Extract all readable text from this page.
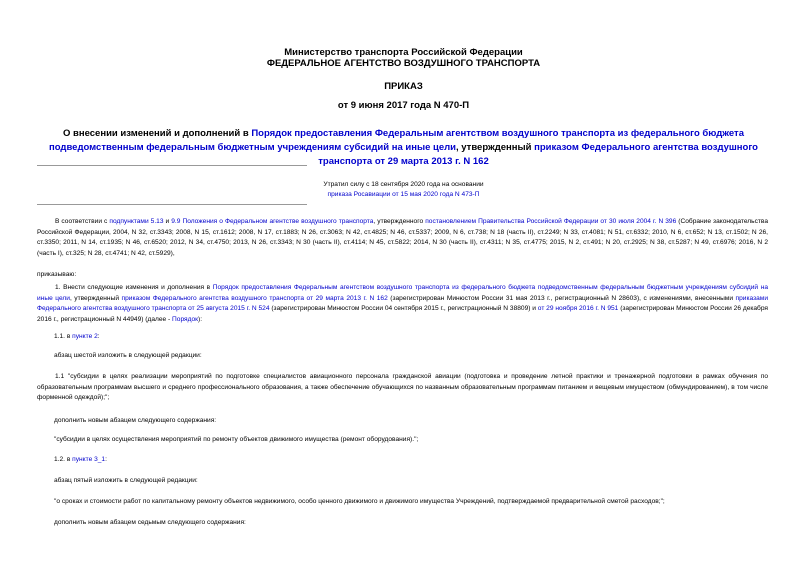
Министерство транспорта Российской Федерации
ФЕДЕРАЛЬНОЕ АГЕНТСТВО ВОЗДУШНОГО ТРАНСПОРТА
ПРИКАЗ
от 9 июня 2017 года N 470-П
О внесении изменений и дополнений в Порядок предоставления Федеральным агентством воздушного транспорта из федерального бюджета подведомственным федеральным бюджетным учреждениям субсидий на иные цели, утвержденный приказом Федерального агентства воздушного транспорта от 29 марта 2013 г. N 162
Утратил силу с 18 сентября 2020 года на основании
приказа Росавиации от 15 мая 2020 года N 473-П
В соответствии с подпунктами 5.13 и 9.9 Положения о Федеральном агентстве воздушного транспорта, утвержденного постановлением Правительства Российской Федерации от 30 июля 2004 г. N 396 (Собрание законодательства Российской Федерации, 2004, N 32, ст.3343; 2008, N 15, ст.1612; 2008, N 17, ст.1883; N 26, ст.3063; N 42, ст.4825; N 46, ст.5337; 2009, N 6, ст.738; N 18 (часть II), ст.2249; N 33, ст.4081; N 51, ст.6332; 2010, N 6, ст.652; N 13, ст.1502; N 26, ст.3350; 2011, N 14, ст.1935; N 46, ст.6520; 2012, N 34, ст.4750; 2013, N 26, ст.3343; N 30 (часть II), ст.4114; N 45, ст.5822; 2014, N 30 (часть II), ст.4311; N 35, ст.4775; 2015, N 2, ст.491; N 20, ст.2925; N 38, ст.5287; N 49, ст.6976; 2016, N 2 (часть I), ст.325; N 28, ст.4741; N 42, ст.5929),
приказываю:
1. Внести следующие изменения и дополнения в Порядок предоставления Федеральным агентством воздушного транспорта из федерального бюджета подведомственным федеральным бюджетным учреждениям субсидий на иные цели, утвержденный приказом Федерального агентства воздушного транспорта от 29 марта 2013 г. N 162 (зарегистрирован Минюстом России 31 мая 2013 г., регистрационный N 28603), с изменениями, внесенными приказами Федерального агентства воздушного транспорта от 25 августа 2015 г. N 524 (зарегистрирован Минюстом России 04 сентября 2015 г., регистрационный N 38809) и от 29 ноября 2016 г. N 951 (зарегистрирован Минюстом России 26 декабря 2016 г., регистрационный N 44949) (далее - Порядок):
1.1. в пункте 2:
абзац шестой изложить в следующей редакции:
1.1 "субсидии в целях реализации мероприятий по подготовке специалистов авиационного персонала гражданской авиации (подготовка и проведение летной практики и тренажерной подготовки в рамках обучения по образовательным программам высшего и среднего профессионального образования, а также обеспечение обучающихся по названным образовательным программам питанием и вещевым имуществом (обмундированием), в том числе форменной одеждой);";
дополнить новым абзацем следующего содержания:
"субсидии в целях осуществления мероприятий по ремонту объектов движимого имущества (ремонт оборудования).";
1.2. в пункте 3_1:
абзац пятый изложить в следующей редакции:
"о сроках и стоимости работ по капитальному ремонту объектов недвижимого, особо ценного движимого и движимого имущества Учреждений, подтверждаемой предварительной сметой расходов;";
дополнить новым абзацем седьмым следующего содержания:
